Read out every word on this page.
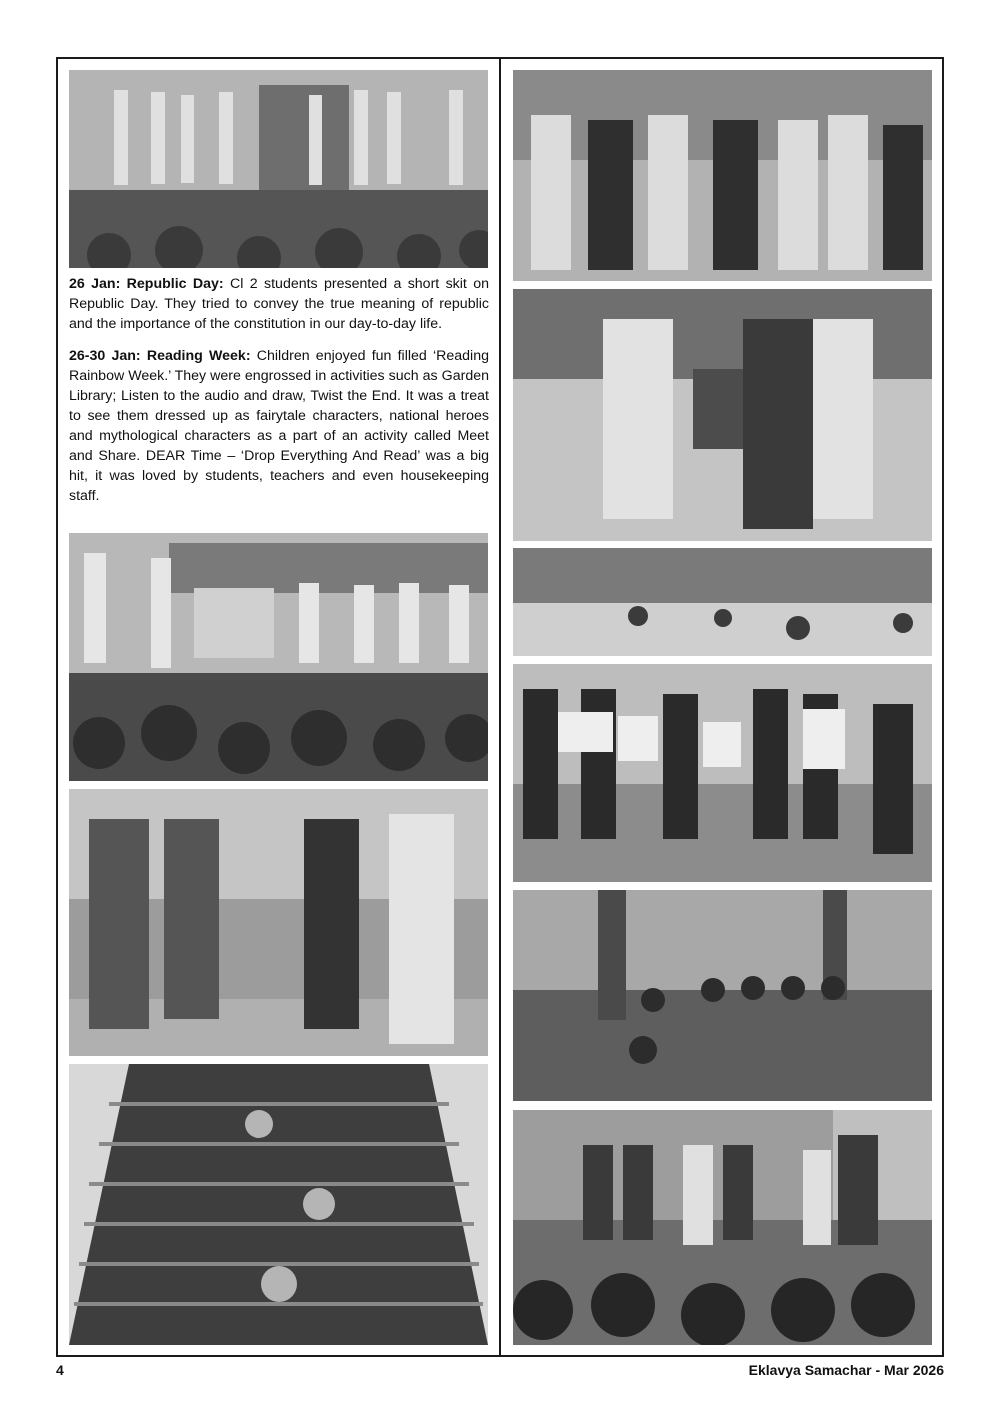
26 Jan: Republic Day: Cl 2 students presented a short skit on Republic Day. They tried to convey the true meaning of republic and the importance of the constitution in our day-to-day life.

26-30 Jan: Reading Week: Children enjoyed fun filled ‘Reading Rainbow Week.’ They were engrossed in activities such as Garden Library; Listen to the audio and draw, Twist the End. It was a treat to see them dressed up as fairytale characters, national heroes and mythological characters as a part of an activity called Meet and Share. DEAR Time – ‘Drop Everything And Read’ was a big hit, it was loved by students, teachers and even housekeeping staff.

4	Eklavya Samachar - Mar 2026
